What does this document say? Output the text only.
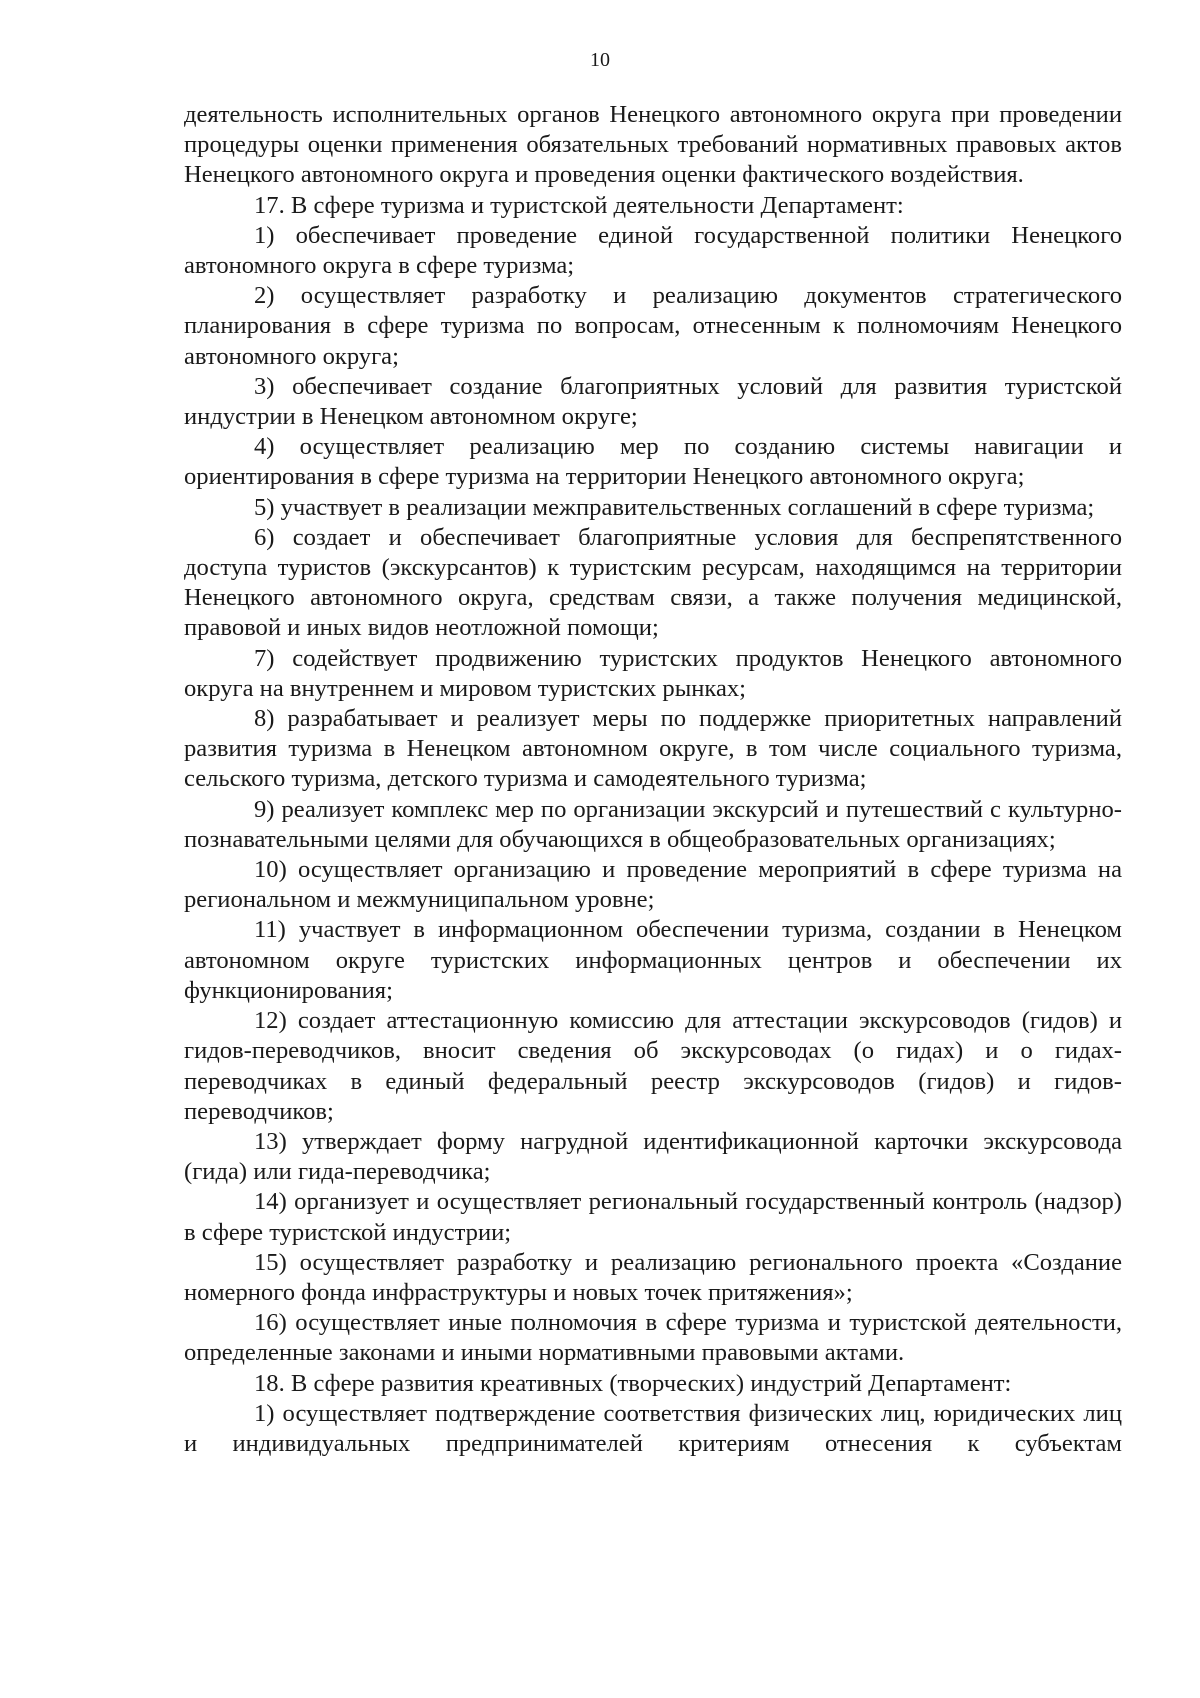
10

деятельность исполнительных органов Ненецкого автономного округа при проведении процедуры оценки применения обязательных требований нормативных правовых актов Ненецкого автономного округа и проведения оценки фактического воздействия.

17. В сфере туризма и туристской деятельности Департамент:

1) обеспечивает проведение единой государственной политики Ненецкого автономного округа в сфере туризма;

2) осуществляет разработку и реализацию документов стратегического планирования в сфере туризма по вопросам, отнесенным к полномочиям Ненецкого автономного округа;

3) обеспечивает создание благоприятных условий для развития туристской индустрии в Ненецком автономном округе;

4) осуществляет реализацию мер по созданию системы навигации и ориентирования в сфере туризма на территории Ненецкого автономного округа;

5) участвует в реализации межправительственных соглашений в сфере туризма;

6) создает и обеспечивает благоприятные условия для беспрепятственного доступа туристов (экскурсантов) к туристским ресурсам, находящимся на территории Ненецкого автономного округа, средствам связи, а также получения медицинской, правовой и иных видов неотложной помощи;

7) содействует продвижению туристских продуктов Ненецкого автономного округа на внутреннем и мировом туристских рынках;

8) разрабатывает и реализует меры по поддержке приоритетных направлений развития туризма в Ненецком автономном округе, в том числе социального туризма, сельского туризма, детского туризма и самодеятельного туризма;

9) реализует комплекс мер по организации экскурсий и путешествий с культурно-познавательными целями для обучающихся в общеобразовательных организациях;

10) осуществляет организацию и проведение мероприятий в сфере туризма на региональном и межмуниципальном уровне;

11) участвует в информационном обеспечении туризма, создании в Ненецком автономном округе туристских информационных центров и обеспечении их функционирования;

12) создает аттестационную комиссию для аттестации экскурсоводов (гидов) и гидов-переводчиков, вносит сведения об экскурсоводах (о гидах) и о гидах-переводчиках в единый федеральный реестр экскурсоводов (гидов) и гидов-переводчиков;

13) утверждает форму нагрудной идентификационной карточки экскурсовода (гида) или гида-переводчика;

14) организует и осуществляет региональный государственный контроль (надзор) в сфере туристской индустрии;

15) осуществляет разработку и реализацию регионального проекта «Создание номерного фонда инфраструктуры и новых точек притяжения»;

16) осуществляет иные полномочия в сфере туризма и туристской деятельности, определенные законами и иными нормативными правовыми актами.

18. В сфере развития креативных (творческих) индустрий Департамент:

1) осуществляет подтверждение соответствия физических лиц, юридических лиц и индивидуальных предпринимателей критериям отнесения к субъектам
